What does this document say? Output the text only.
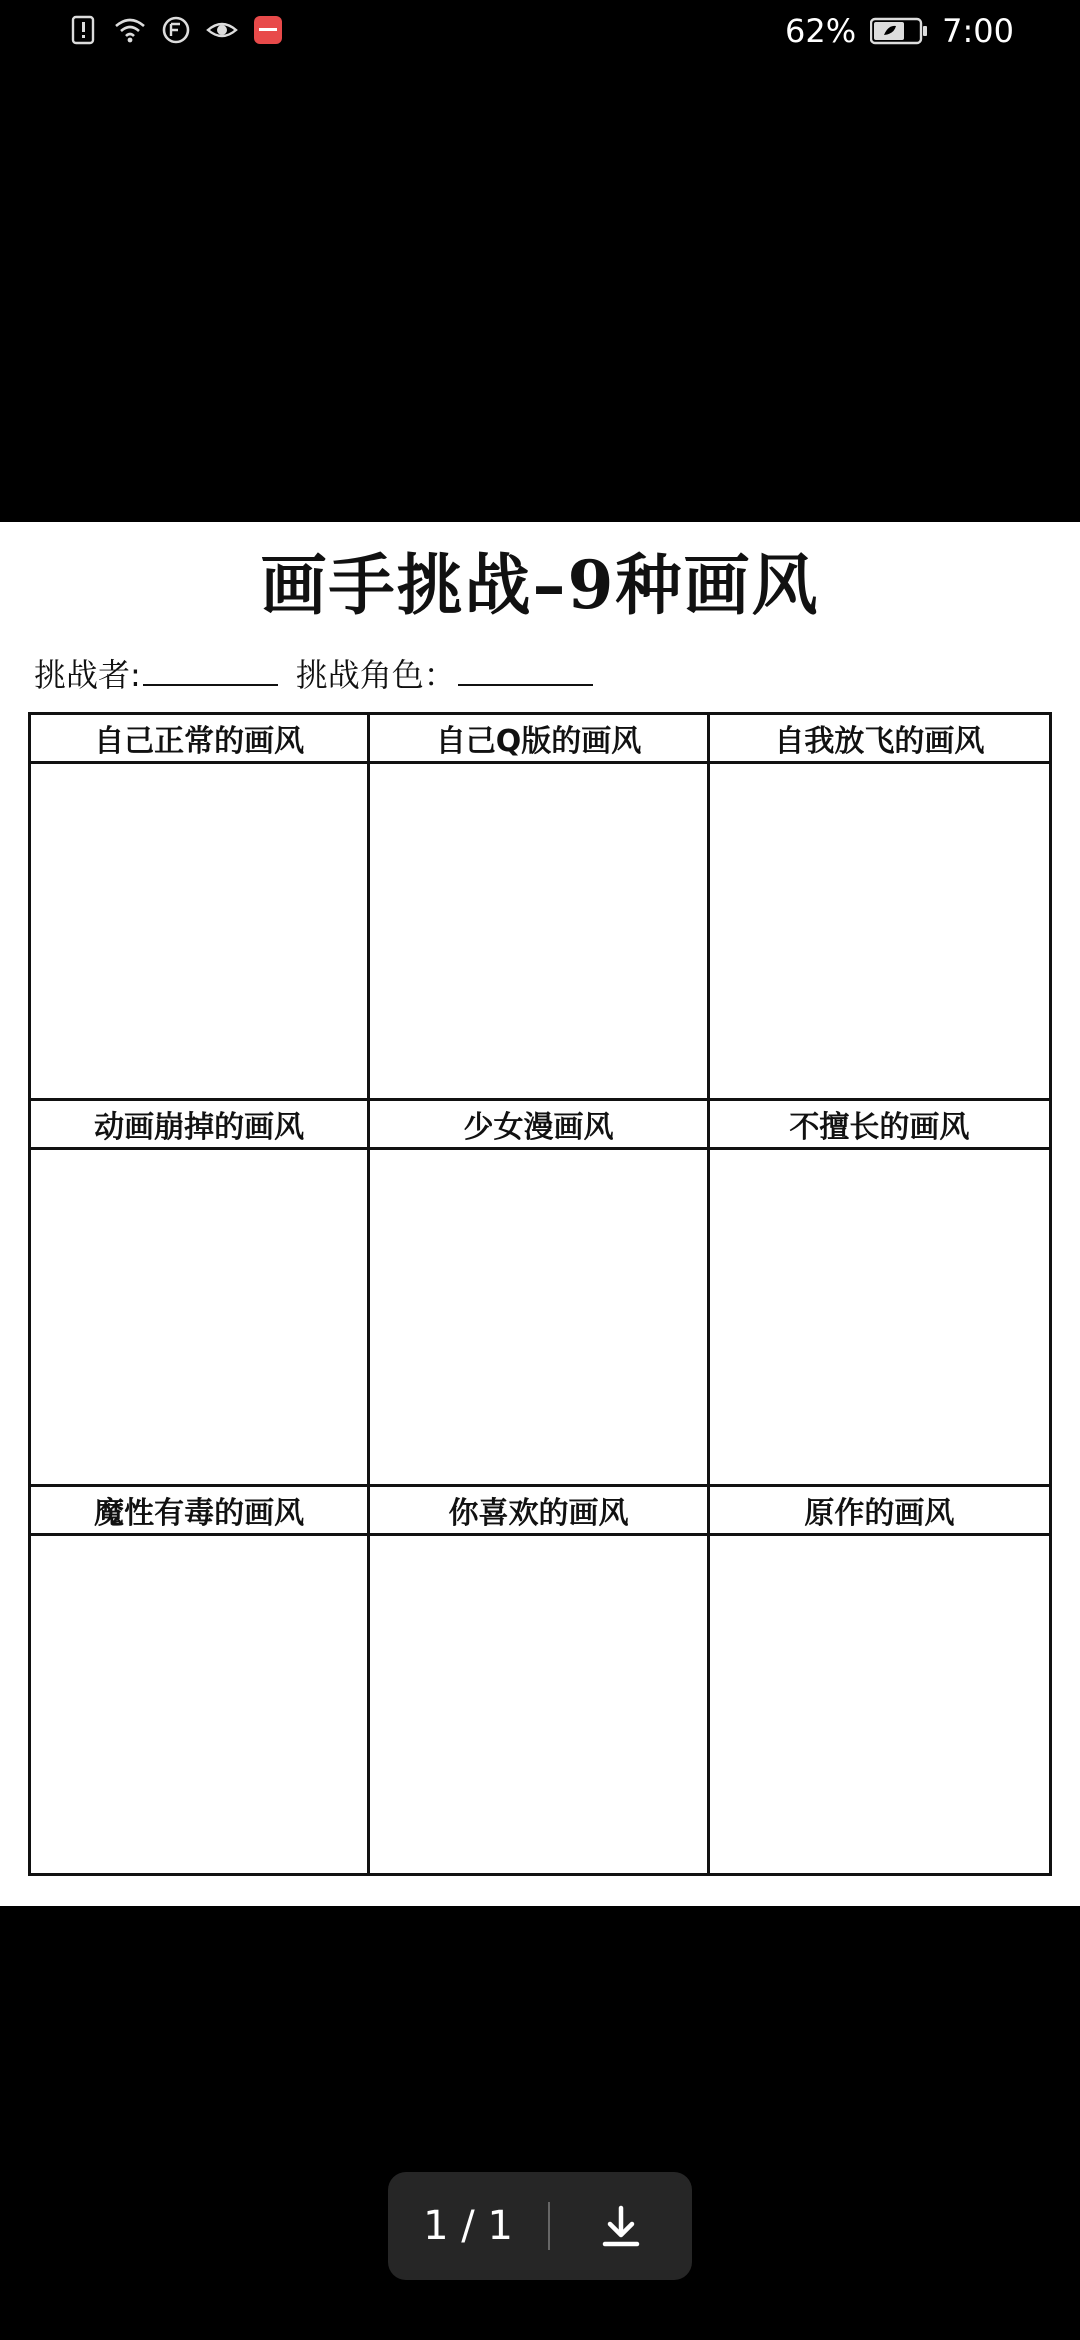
62%	7:00
画手挑战–9种画风
挑战者:	挑战角色：
自己正常的画风	自己Q版的画风	自我放飞的画风
动画崩掉的画风	少女漫画风	不擅长的画风
魔性有毒的画风	你喜欢的画风	原作的画风
1 / 1
